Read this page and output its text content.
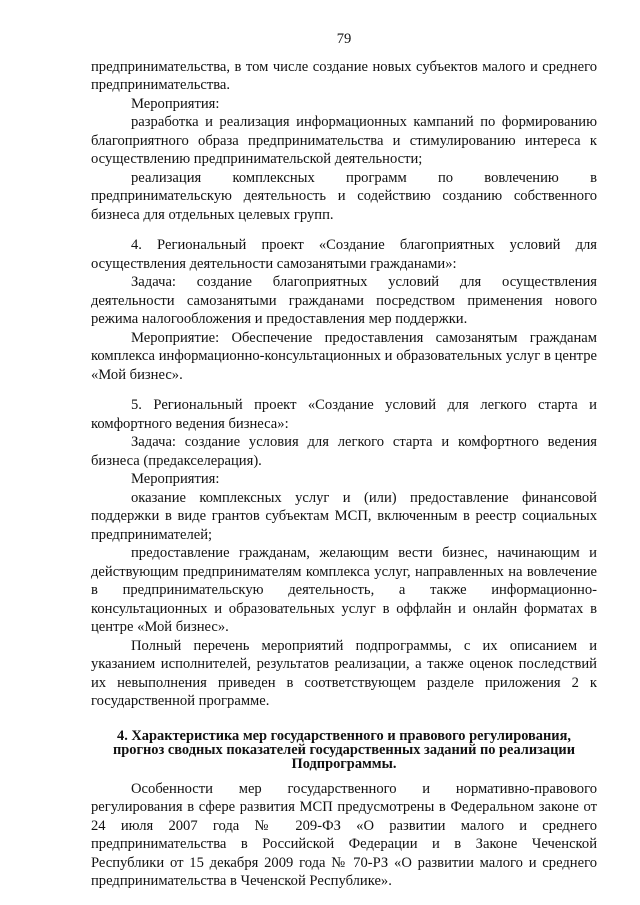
79

предпринимательства, в том числе создание новых субъектов малого и среднего предпринимательства.

Мероприятия:

разработка и реализация информационных кампаний по формированию благоприятного образа предпринимательства и стимулированию интереса к осуществлению предпринимательской деятельности;

реализация комплексных программ по вовлечению в предпринимательскую деятельность и содействию созданию собственного бизнеса для отдельных целевых групп.

4. Региональный проект «Создание благоприятных условий для осуществления деятельности самозанятыми гражданами»:

Задача: создание благоприятных условий для осуществления деятельности самозанятыми гражданами посредством применения нового режима налогообложения и предоставления мер поддержки.

Мероприятие: Обеспечение предоставления самозанятым гражданам комплекса информационно-консультационных и образовательных услуг в центре «Мой бизнес».

5. Региональный проект «Создание условий для легкого старта и комфортного ведения бизнеса»:

Задача: создание условия для легкого старта и комфортного ведения бизнеса (предакселерация).

Мероприятия:

оказание комплексных услуг и (или) предоставление финансовой поддержки в виде грантов субъектам МСП, включенным в реестр социальных предпринимателей;

предоставление гражданам, желающим вести бизнес, начинающим и действующим предпринимателям комплекса услуг, направленных на вовлечение в предпринимательскую деятельность, а также информационно-консультационных и образовательных услуг в оффлайн и онлайн форматах в центре «Мой бизнес».

Полный перечень мероприятий подпрограммы, с их описанием и указанием исполнителей, результатов реализации, а также оценок последствий их невыполнения приведен в соответствующем разделе приложения 2 к государственной программе.

4. Характеристика мер государственного и правового регулирования, прогноз сводных показателей государственных заданий по реализации Подпрограммы.

Особенности мер государственного и нормативно-правового регулирования в сфере развития МСП предусмотрены в Федеральном законе от 24 июля 2007 года № 209-ФЗ «О развитии малого и среднего предпринимательства в Российской Федерации и в Законе Чеченской Республики от 15 декабря 2009 года № 70-РЗ «О развитии малого и среднего предпринимательства в Чеченской Республике».
